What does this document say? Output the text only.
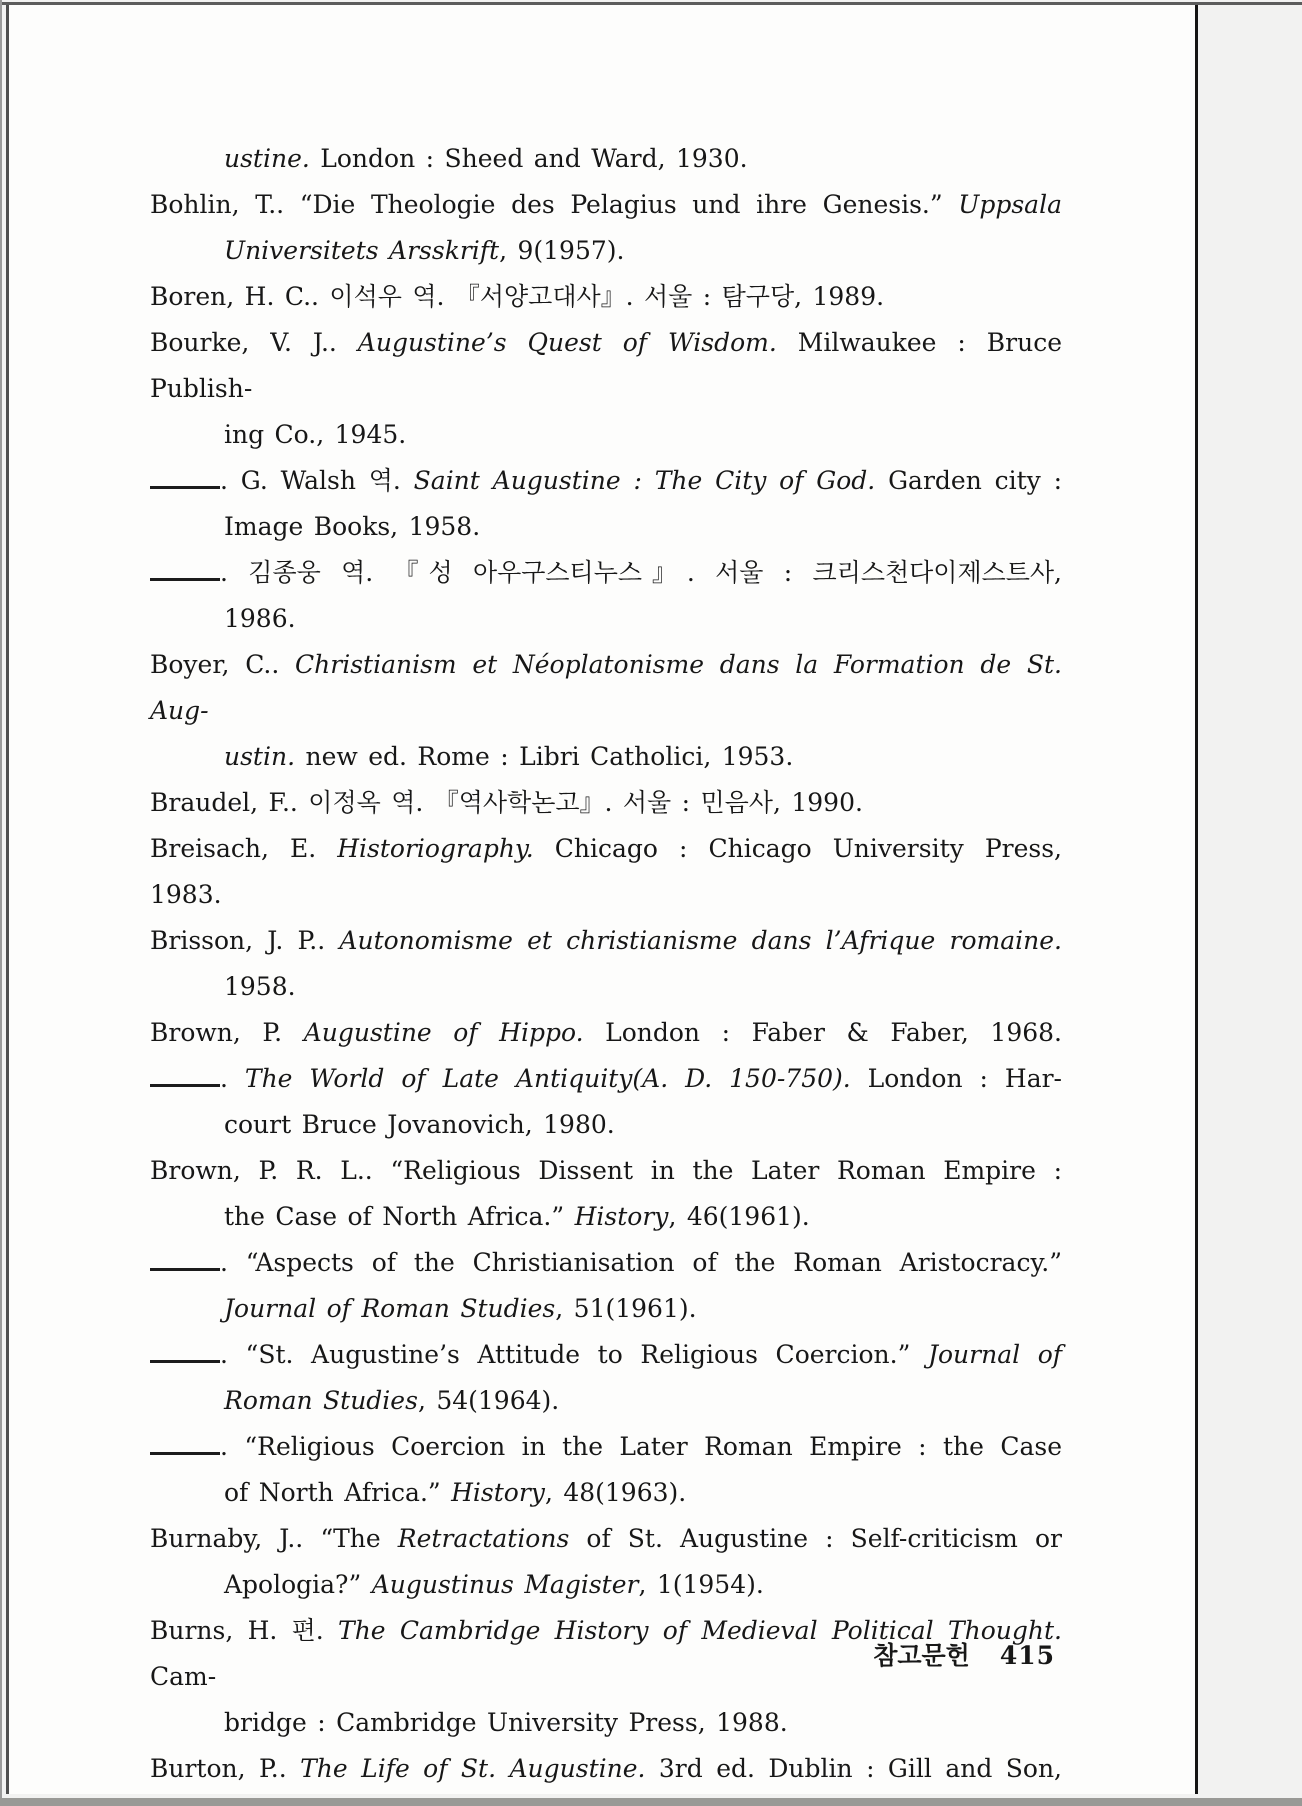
ustine. London : Sheed and Ward, 1930.
Bohlin, T.. “Die Theologie des Pelagius und ihre Genesis.” Uppsala
Universitets Arsskrift, 9(1957).
Boren, H. C.. 이석우 역. 『서양고대사』. 서울 : 탐구당, 1989.
Bourke, V. J.. Augustine’s Quest of Wisdom. Milwaukee : Bruce Publish-
ing Co., 1945.
. G. Walsh 역. Saint Augustine : The City of God. Garden city :
Image Books, 1958.
. 김종웅 역. 『성 아우구스티누스』. 서울 : 크리스천다이제스트사,
1986.
Boyer, C.. Christianism et Néoplatonisme dans la Formation de St. Aug-
ustin. new ed. Rome : Libri Catholici, 1953.
Braudel, F.. 이정옥 역. 『역사학논고』. 서울 : 민음사, 1990.
Breisach, E. Historiography. Chicago : Chicago University Press, 1983.
Brisson, J. P.. Autonomisme et christianisme dans l’Afrique romaine.
1958.
Brown, P. Augustine of Hippo. London : Faber & Faber, 1968.
. The World of Late Antiquity(A. D. 150-750). London : Har-
court Bruce Jovanovich, 1980.
Brown, P. R. L.. “Religious Dissent in the Later Roman Empire :
the Case of North Africa.” History, 46(1961).
. “Aspects of the Christianisation of the Roman Aristocracy.”
Journal of Roman Studies, 51(1961).
. “St. Augustine’s Attitude to Religious Coercion.” Journal of
Roman Studies, 54(1964).
. “Religious Coercion in the Later Roman Empire : the Case
of North Africa.” History, 48(1963).
Burnaby, J.. “The Retractations of St. Augustine : Self-criticism or
Apologia?” Augustinus Magister, 1(1954).
Burns, H. 편. The Cambridge History of Medieval Political Thought. Cam-
bridge : Cambridge University Press, 1988.
Burton, P.. The Life of St. Augustine. 3rd ed. Dublin : Gill and Son,
참고문헌 415
